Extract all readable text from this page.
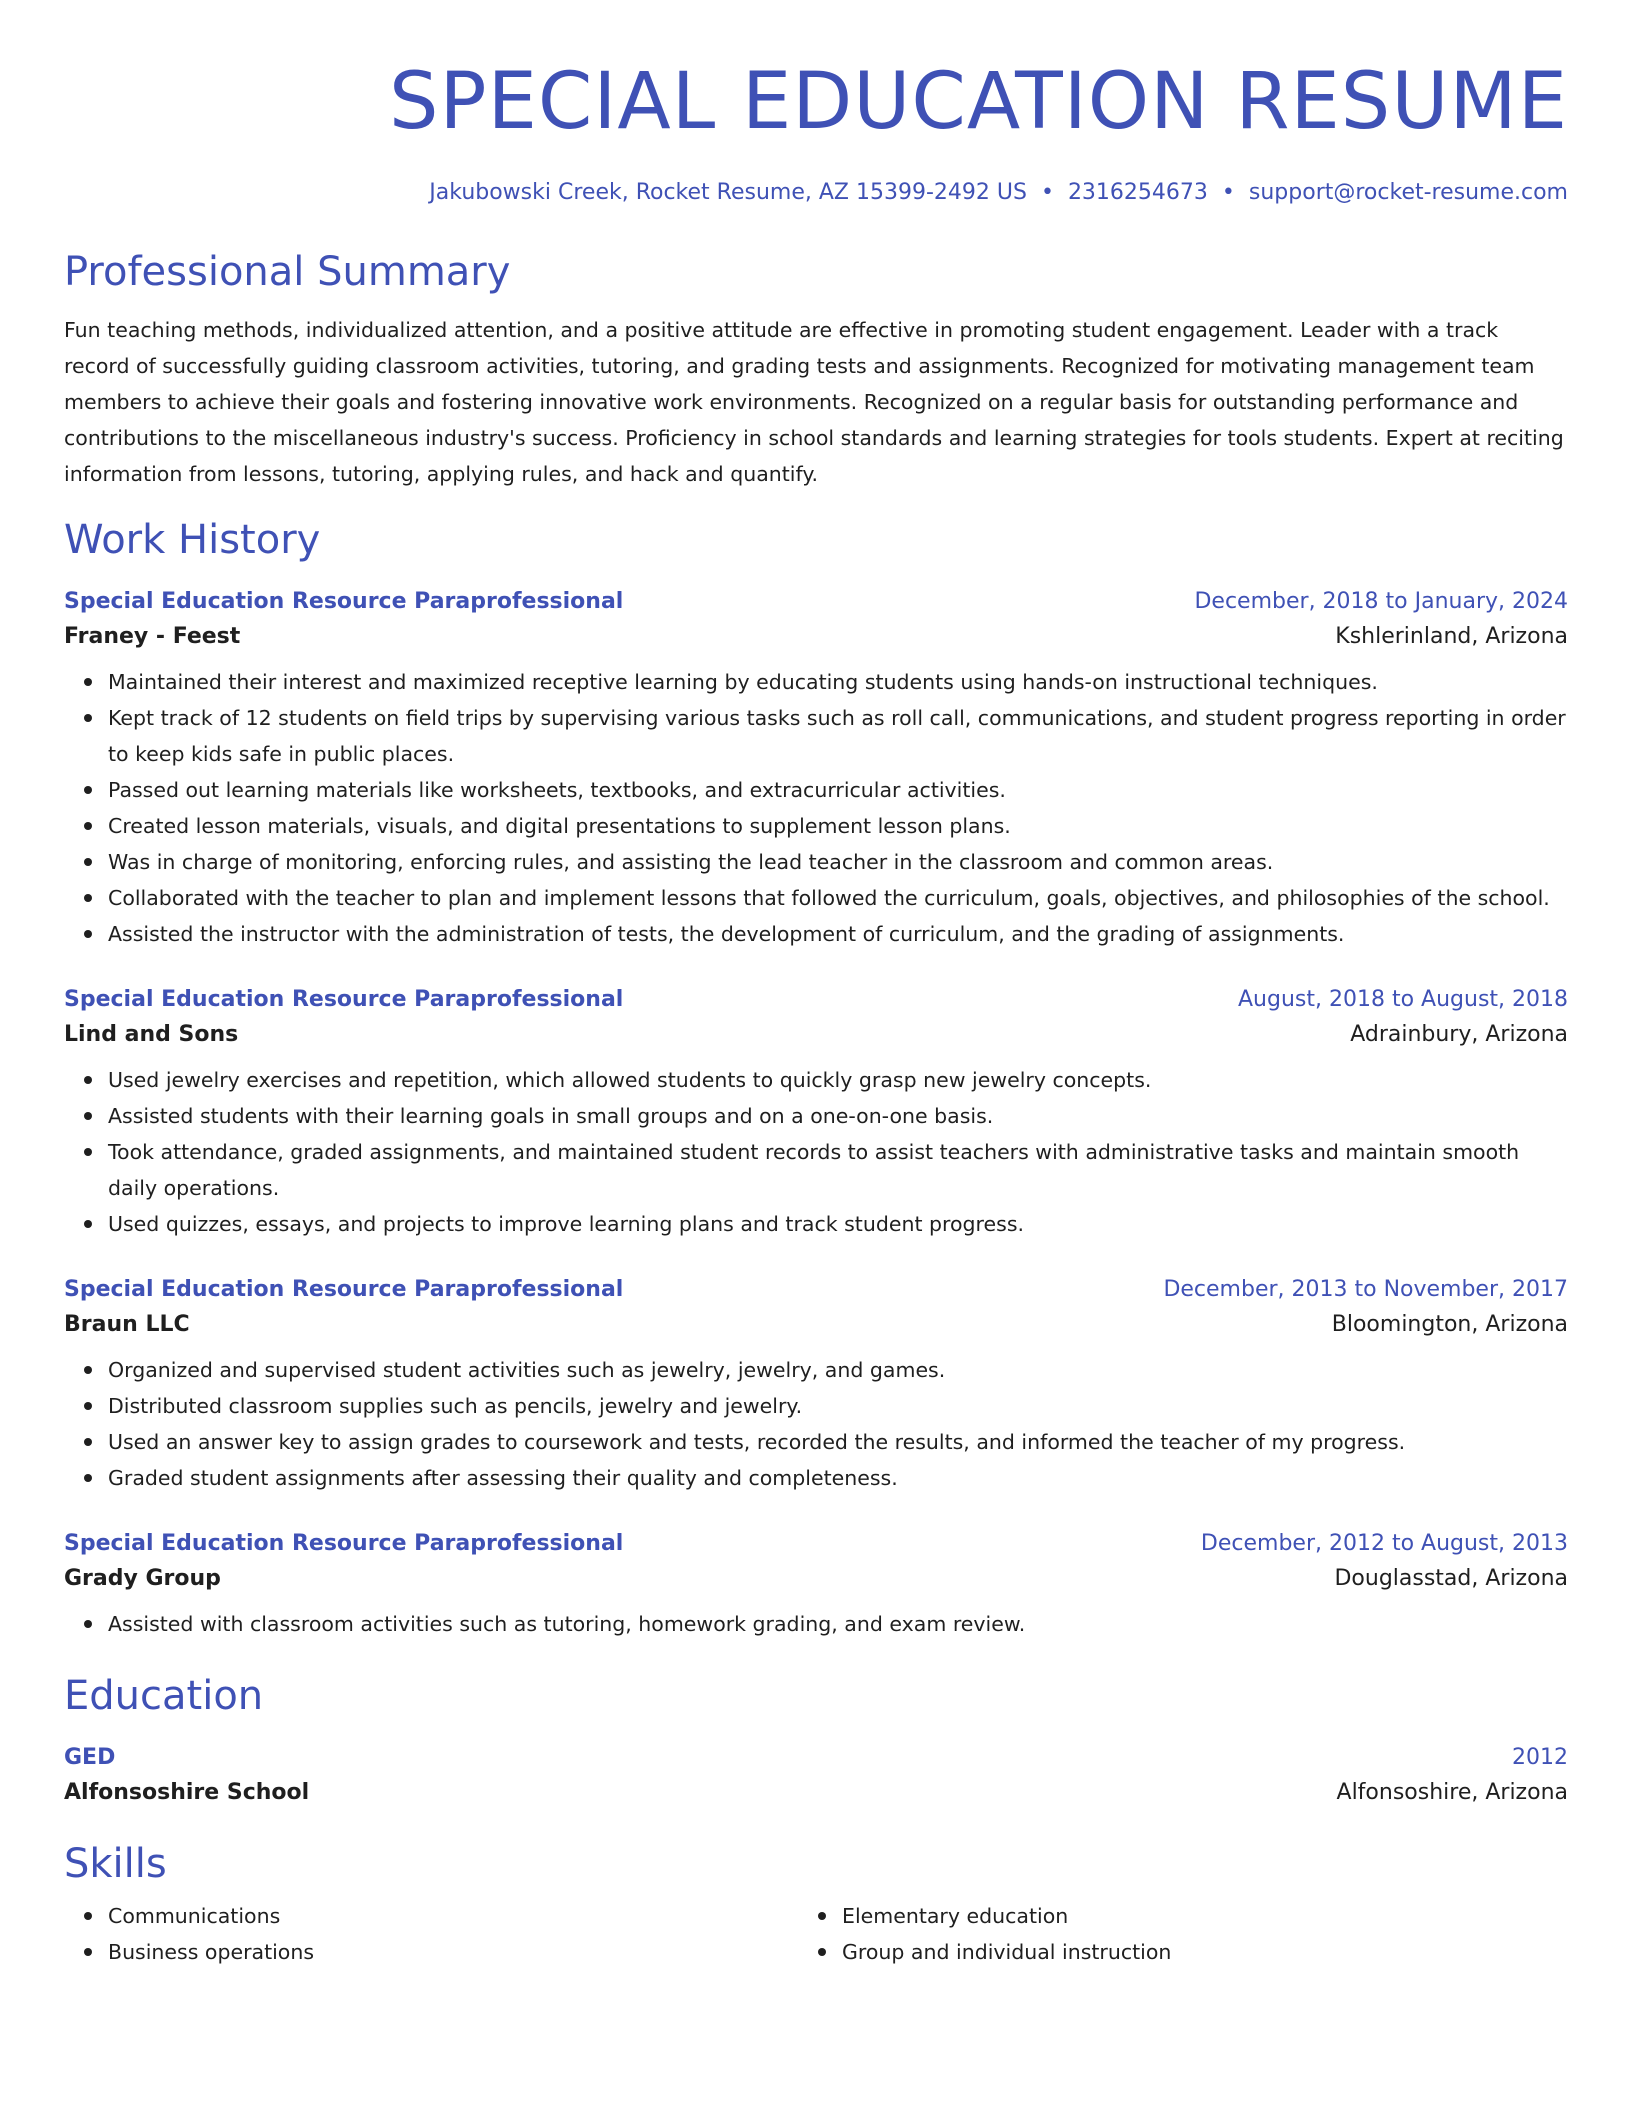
SPECIAL EDUCATION RESUME
Jakubowski Creek, Rocket Resume, AZ 15399-2492 US • 2316254673 • support@rocket-resume.com
Professional Summary

Fun teaching methods, individualized attention, and a positive attitude are effective in promoting student engagement. Leader with a track record of successfully guiding classroom activities, tutoring, and grading tests and assignments. Recognized for motivating management team members to achieve their goals and fostering innovative work environments. Recognized on a regular basis for outstanding performance and contributions to the miscellaneous industry's success. Proficiency in school standards and learning strategies for tools students. Expert at reciting information from lessons, tutoring, applying rules, and hack and quantify.

Work History
Special Education Resource Paraprofessional	December, 2018 to January, 2024
Franey - Feest	Kshlerinland, Arizona
Maintained their interest and maximized receptive learning by educating students using hands-on instructional techniques.
Kept track of 12 students on field trips by supervising various tasks such as roll call, communications, and student progress reporting in order to keep kids safe in public places.
Passed out learning materials like worksheets, textbooks, and extracurricular activities.
Created lesson materials, visuals, and digital presentations to supplement lesson plans.
Was in charge of monitoring, enforcing rules, and assisting the lead teacher in the classroom and common areas.
Collaborated with the teacher to plan and implement lessons that followed the curriculum, goals, objectives, and philosophies of the school.
Assisted the instructor with the administration of tests, the development of curriculum, and the grading of assignments.
Special Education Resource Paraprofessional	August, 2018 to August, 2018
Lind and Sons	Adrainbury, Arizona
Used jewelry exercises and repetition, which allowed students to quickly grasp new jewelry concepts.
Assisted students with their learning goals in small groups and on a one-on-one basis.
Took attendance, graded assignments, and maintained student records to assist teachers with administrative tasks and maintain smooth daily operations.
Used quizzes, essays, and projects to improve learning plans and track student progress.
Special Education Resource Paraprofessional	December, 2013 to November, 2017
Braun LLC	Bloomington, Arizona
Organized and supervised student activities such as jewelry, jewelry, and games.
Distributed classroom supplies such as pencils, jewelry and jewelry.
Used an answer key to assign grades to coursework and tests, recorded the results, and informed the teacher of my progress.
Graded student assignments after assessing their quality and completeness.
Special Education Resource Paraprofessional	December, 2012 to August, 2013
Grady Group	Douglasstad, Arizona
Assisted with classroom activities such as tutoring, homework grading, and exam review.
Education
GED	2012
Alfonsoshire School	Alfonsoshire, Arizona
Skills
Communications
Business operations
Elementary education
Group and individual instruction
